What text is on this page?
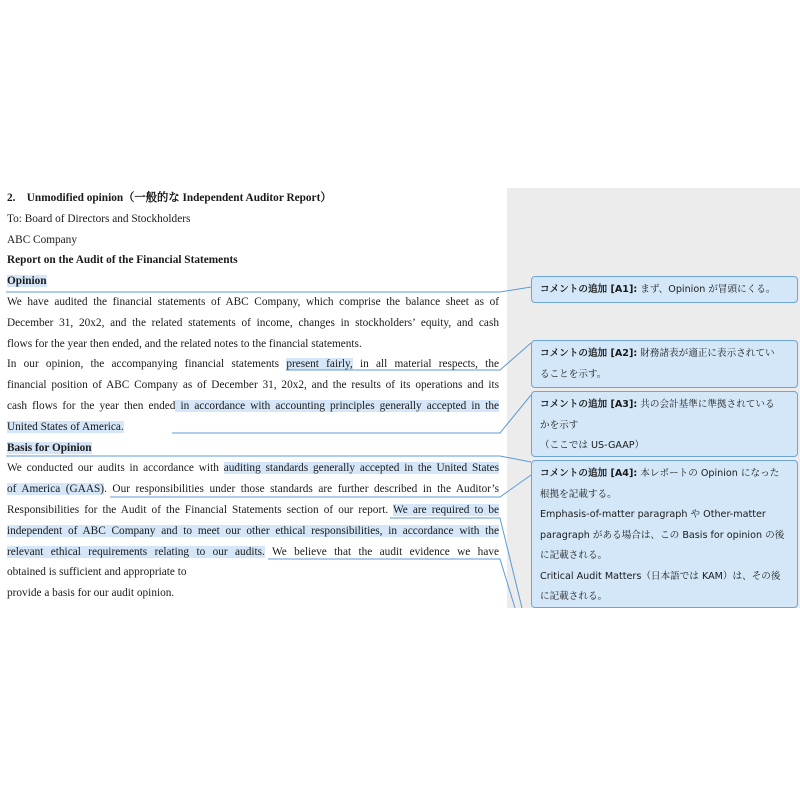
2.　Unmodified opinion（一般的な Independent Auditor Report）
To: Board of Directors and Stockholders
ABC Company
Report on the Audit of the Financial Statements
Opinion
We have audited the financial statements of ABC Company, which comprise the balance sheet as of
December 31, 20x2, and the related statements of income, changes in stockholders’ equity, and cash
flows for the year then ended, and the related notes to the financial statements.
In our opinion, the accompanying financial statements present fairly, in all material respects, the
financial position of ABC Company as of December 31, 20x2, and the results of its operations and its
cash flows for the year then ended in accordance with accounting principles generally accepted in the
United States of America.
Basis for Opinion
We conducted our audits in accordance with auditing standards generally accepted in the United States
of America (GAAS). Our responsibilities under those standards are further described in the Auditor’s
Responsibilities for the Audit of the Financial Statements section of our report. We are required to be
independent of ABC Company and to meet our other ethical responsibilities, in accordance with the
relevant ethical requirements relating to our audits. We believe that the audit evidence we have
obtained is sufficient and appropriate to
provide a basis for our audit opinion.
コメントの追加 [A1]: まず、Opinion が冒頭にくる。
コメントの追加 [A2]: 財務諸表が適正に表示されてい
ることを示す。
コメントの追加 [A3]: 共の会計基準に準拠されている
かを示す
（ここでは US-GAAP）
コメントの追加 [A4]: 本レポートの Opinion になった
根拠を記載する。
Emphasis-of-matter paragraph や Other-matter
paragraph がある場合は、この Basis for opinion の後
に記載される。
Critical Audit Matters（日本語では KAM）は、その後
に記載される。
